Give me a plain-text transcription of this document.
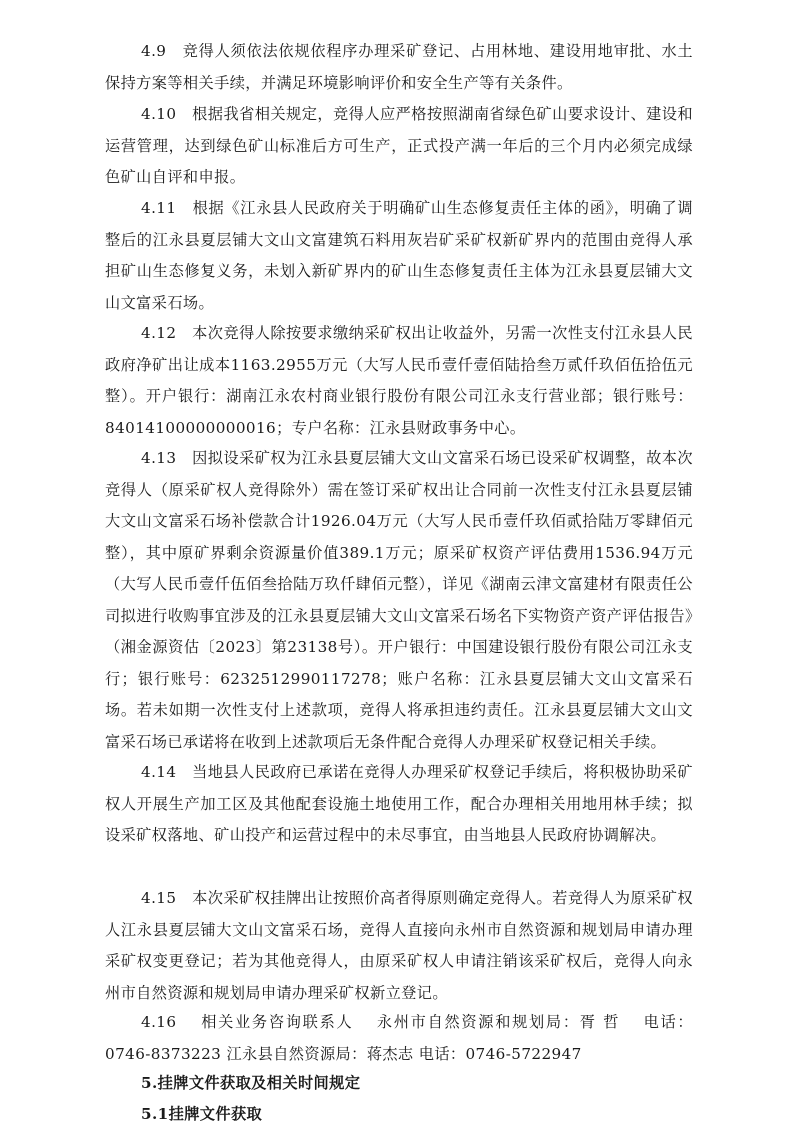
4.9　竞得人须依法依规依程序办理采矿登记、占用林地、建设用地审批、水土保持方案等相关手续，并满足环境影响评价和安全生产等有关条件。

4.10　根据我省相关规定，竞得人应严格按照湖南省绿色矿山要求设计、建设和运营管理，达到绿色矿山标准后方可生产，正式投产满一年后的三个月内必须完成绿色矿山自评和申报。

4.11　根据《江永县人民政府关于明确矿山生态修复责任主体的函》，明确了调整后的江永县夏层铺大文山文富建筑石料用灰岩矿采矿权新矿界内的范围由竞得人承担矿山生态修复义务，未划入新矿界内的矿山生态修复责任主体为江永县夏层铺大文山文富采石场。

4.12　本次竞得人除按要求缴纳采矿权出让收益外，另需一次性支付江永县人民政府净矿出让成本1163.2955万元（大写人民币壹仟壹佰陆拾叁万贰仟玖佰伍拾伍元整）。开户银行：湖南江永农村商业银行股份有限公司江永支行营业部；银行账号：84014100000000016；专户名称：江永县财政事务中心。

4.13　因拟设采矿权为江永县夏层铺大文山文富采石场已设采矿权调整，故本次竞得人（原采矿权人竞得除外）需在签订采矿权出让合同前一次性支付江永县夏层铺大文山文富采石场补偿款合计1926.04万元（大写人民币壹仟玖佰贰拾陆万零肆佰元整），其中原矿界剩余资源量价值389.1万元；原采矿权资产评估费用1536.94万元（大写人民币壹仟伍佰叁拾陆万玖仟肆佰元整），详见《湖南云津文富建材有限责任公司拟进行收购事宜涉及的江永县夏层铺大文山文富采石场名下实物资产资产评估报告》（湘金源资估〔2023〕第23138号）。开户银行：中国建设银行股份有限公司江永支行；银行账号：6232512990117278；账户名称：江永县夏层铺大文山文富采石场。若未如期一次性支付上述款项，竞得人将承担违约责任。江永县夏层铺大文山文富采石场已承诺将在收到上述款项后无条件配合竞得人办理采矿权登记相关手续。

4.14　当地县人民政府已承诺在竞得人办理采矿权登记手续后，将积极协助采矿权人开展生产加工区及其他配套设施土地使用工作，配合办理相关用地用林手续；拟设采矿权落地、矿山投产和运营过程中的未尽事宜，由当地县人民政府协调解决。

4.15　本次采矿权挂牌出让按照价高者得原则确定竞得人。若竞得人为原采矿权人江永县夏层铺大文山文富采石场，竞得人直接向永州市自然资源和规划局申请办理采矿权变更登记；若为其他竞得人，由原采矿权人申请注销该采矿权后，竞得人向永州市自然资源和规划局申请办理采矿权新立登记。

4.16　 相关业务咨询联系人　 永州市自然资源和规划局：胥 哲　 电话：0746-8373223 江永县自然资源局：蒋杰志 电话：0746-5722947

5.挂牌文件获取及相关时间规定

5.1挂牌文件获取
